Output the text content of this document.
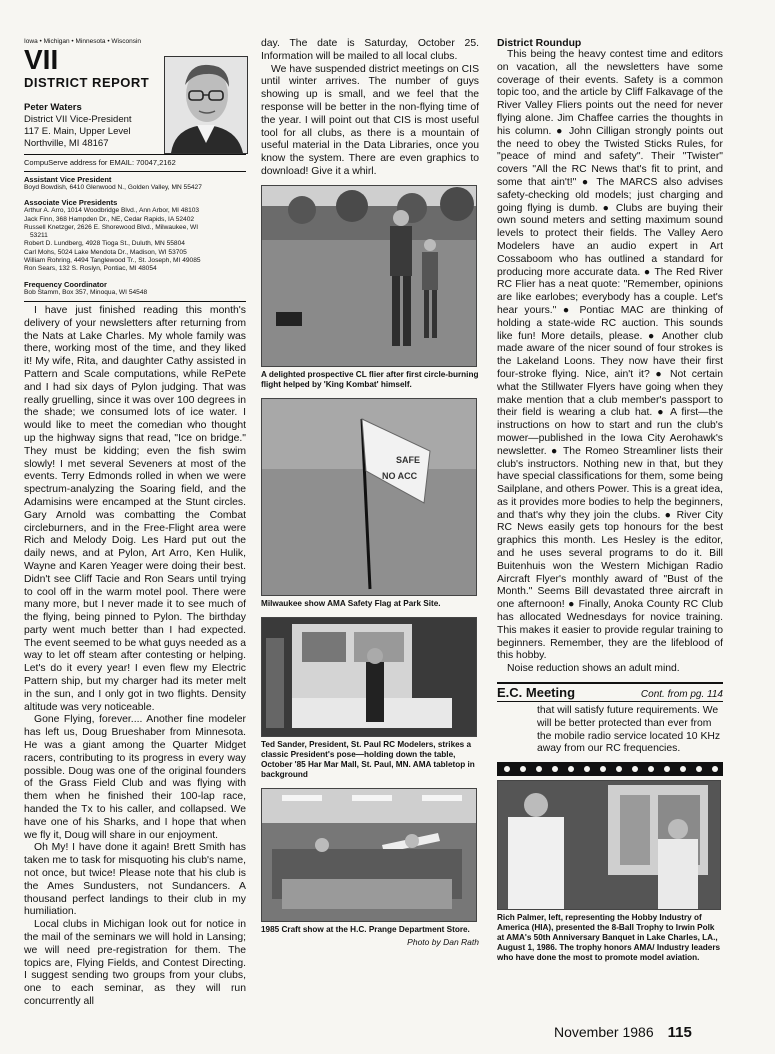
Iowa • Michigan • Minnesota • Wisconsin
VII
DISTRICT REPORT
Peter Waters
District VII Vice-President
117 E. Main, Upper Level
Northville, MI 48167
CompuServe address for EMAIL: 70047,2162
Assistant Vice President
Boyd Bowdish, 6410 Glenwood N., Golden Valley, MN 55427
Associate Vice Presidents
Arthur A. Arro, 1014 Woodbridge Blvd., Ann Arbor, MI 48103
Jack Finn, 368 Hampden Dr., NE, Cedar Rapids, IA 52402
Russell Knetzger, 2626 E. Shorewood Blvd., Milwaukee, WI
53211
Robert D. Lundberg, 4928 Tioga St., Duluth, MN 55804
Carl Mohs, 5024 Lake Mendota Dr., Madison, WI 53705
William Rohring, 4494 Tanglewood Tr., St. Joseph, MI 49085
Ron Sears, 132 S. Roslyn, Pontiac, MI 48054
Frequency Coordinator
Bob Stamm, Box 357, Minoqua, WI 54548

I have just finished reading this month's delivery of your newsletters after returning from the Nats at Lake Charles. My whole family was there, working most of the time, and they liked it! My wife, Rita, and daughter Cathy assisted in Pattern and Scale computations, while RePete and I had six days of Pylon judging. That was really gruelling, since it was over 100 degrees in the shade; we consumed lots of ice water. I would like to meet the comedian who thought up the highway signs that read, "Ice on bridge." They must be kidding; even the fish swim slowly! I met several Seveners at most of the events. Terry Edmonds rolled in when we were spectrum-analyzing the Soaring field, and the Adamisins were encamped at the Stunt circles. Gary Arnold was combatting the Combat circleburners, and in the Free-Flight area were Rich and Melody Doig. Les Hard put out the daily news, and at Pylon, Art Arro, Ken Hulik, Wayne and Karen Yeager were doing their best. Didn't see Cliff Tacie and Ron Sears until trying to cool off in the warm motel pool. There were many more, but I never made it to see much of the flying, being pinned to Pylon. The birthday party went much better than I had expected. The event seemed to be what guys needed as a way to let off steam after contesting or helping. Let's do it every year! I even flew my Electric Pattern ship, but my charger had its meter melt in the sun, and I only got in two flights. Density altitude was very noticeable.

Gone Flying, forever.... Another fine modeler has left us, Doug Brueshaber from Minnesota. He was a giant among the Quarter Midget racers, contributing to its progress in every way possible. Doug was one of the original founders of the Grass Field Club and was flying with them when he finished their 100-lap race, handed the Tx to his caller, and collapsed. We have one of his Sharks, and I hope that when we fly it, Doug will share in our enjoyment.

Oh My! I have done it again! Brett Smith has taken me to task for misquoting his club's name, not once, but twice! Please note that his club is the Ames Sundusters, not Sundancers. A thousand perfect landings to their club in my humiliation.

Local clubs in Michigan look out for notice in the mail of the seminars we will hold in Lansing; we will need pre-registration for them. The topics are, Flying Fields, and Contest Directing. I suggest sending two groups from your clubs, one to each seminar, as they will run concurrently all

day. The date is Saturday, October 25. Information will be mailed to all local clubs.

We have suspended district meetings on CIS until winter arrives. The number of guys showing up is small, and we feel that the response will be better in the non-flying time of the year. I will point out that CIS is most useful tool for all clubs, as there is a mountain of useful material in the Data Libraries, once you know the system. There are even graphics to download! Give it a whirl.

A delighted prospective CL flier after first circle-burning flight helped by 'King Kombat' himself.
SAFE
NO ACC
Milwaukee show AMA Safety Flag at Park Site.
Ted Sander, President, St. Paul RC Modelers, strikes a classic President's pose—holding down the table, October '85 Har Mar Mall, St. Paul, MN. AMA tabletop in background
1985 Craft show at the H.C. Prange Department Store.
Photo by Dan Rath
District Roundup

This being the heavy contest time and editors on vacation, all the newsletters have some coverage of their events. Safety is a common topic too, and the article by Cliff Falkavage of the River Valley Fliers points out the need for never flying alone. Jim Chaffee carries the thoughts in his column. ● John Cilligan strongly points out the need to obey the Twisted Sticks Rules, for "peace of mind and safety". Their "Twister" covers "All the RC News that's fit to print, and some that ain't!" ● The MARCS also advises safety-checking old models; just charging and going flying is dumb. ● Clubs are buying their own sound meters and setting maximum sound levels to protect their fields. The Valley Aero Modelers have an audio expert in Art Cossaboom who has outlined a standard for producing more accurate data. ● The Red River RC Flier has a neat quote: "Remember, opinions are like earlobes; everybody has a couple. Let's hear yours." ● Pontiac MAC are thinking of holding a state-wide RC auction. This sounds like fun! More details, please. ● Another club made aware of the nicer sound of four strokes is the Lakeland Loons. They now have their first four-stroke flying. Nice, ain't it? ● Not certain what the Stillwater Flyers have going when they make mention that a club member's passport to their field is wearing a club hat. ● A first—the instructions on how to start and run the club's mower—published in the Iowa City Aerohawk's newsletter. ● The Romeo Streamliner lists their club's instructors. Nothing new in that, but they have special classifications for them, some being Sailplane, and others Power. This is a great idea, as it provides more bodies to help the beginners, and that's why they join the clubs. ● River City RC News easily gets top honours for the best graphics this month. Les Hesley is the editor, and he uses several programs to do it. Bill Buitenhuis won the Western Michigan Radio Aircraft Flyer's monthly award of "Bust of the Month." Seems Bill devastated three aircraft in one afternoon! ● Finally, Anoka County RC Club has allocated Wednesdays for novice training. This makes it easier to provide regular training to beginners. Remember, they are the lifeblood of this hobby.

Noise reduction shows an adult mind.

E.C. Meeting	Cont. from pg. 114
that will satisfy future requirements. We will be better protected than ever from the mobile radio service located 10 KHz away from our RC frequencies.
Rich Palmer, left, representing the Hobby Industry of America (HIA), presented the 8-Ball Trophy to Irwin Polk at AMA's 50th Anniversary Banquet in Lake Charles, LA., August 1, 1986. The trophy honors AMA/ Industry leaders who have done the most to promote model aviation.
November 1986 115
